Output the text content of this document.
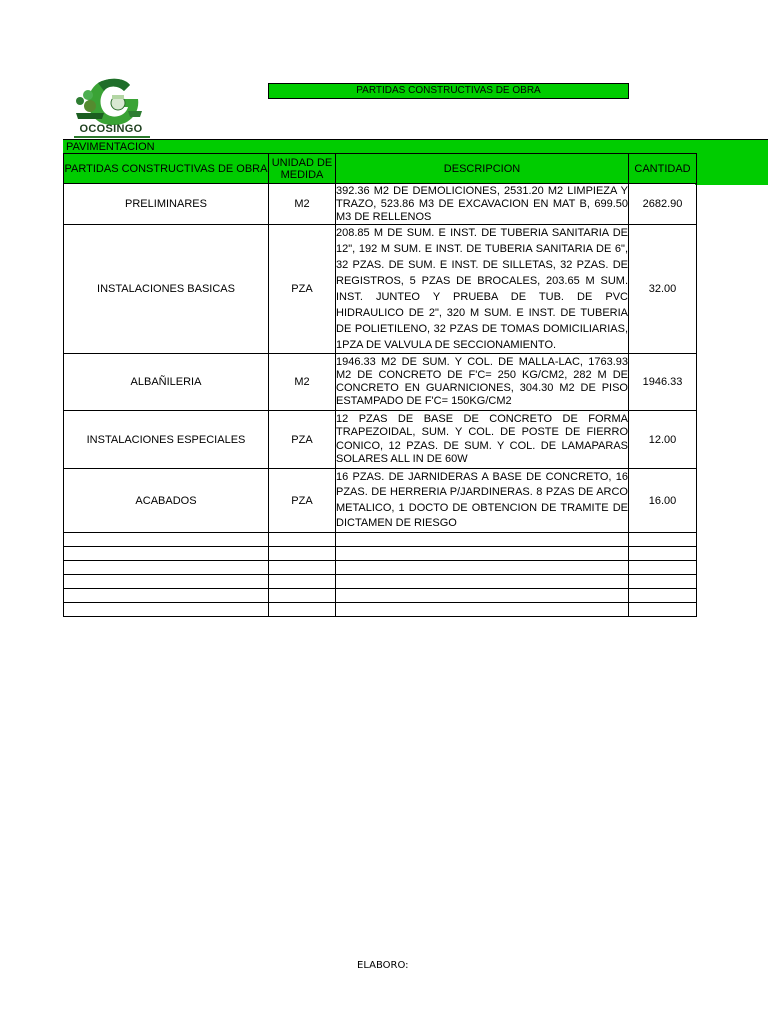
OCOSINGO
PARTIDAS CONSTRUCTIVAS DE OBRA
PAVIMENTACION
PARTIDAS CONSTRUCTIVAS DE OBRA	UNIDAD DE MEDIDA	DESCRIPCION	CANTIDAD
PRELIMINARES	M2	392.36 M2 DE DEMOLICIONES, 2531.20 M2 LIMPIEZA Y TRAZO, 523.86 M3 DE EXCAVACION EN MAT B, 699.50 M3 DE RELLENOS	2682.90
INSTALACIONES BASICAS	PZA	208.85 M DE SUM. E INST. DE TUBERIA SANITARIA DE 12", 192 M SUM. E INST. DE TUBERIA SANITARIA DE 6", 32 PZAS. DE SUM. E INST. DE SILLETAS, 32 PZAS. DE REGISTROS, 5 PZAS DE BROCALES, 203.65 M SUM. INST. JUNTEO Y PRUEBA DE TUB. DE PVC HIDRAULICO DE 2", 320 M SUM. E INST. DE TUBERIA DE POLIETILENO, 32 PZAS DE TOMAS DOMICILIARIAS, 1PZA DE VALVULA DE SECCIONAMIENTO.	32.00
ALBAÑILERIA	M2	1946.33 M2 DE SUM. Y COL. DE MALLA-LAC, 1763.93 M2 DE CONCRETO DE F'C= 250 KG/CM2, 282 M DE CONCRETO EN GUARNICIONES, 304.30 M2 DE PISO ESTAMPADO DE F'C= 150KG/CM2	1946.33
INSTALACIONES ESPECIALES	PZA	12 PZAS DE BASE DE CONCRETO DE FORMA TRAPEZOIDAL, SUM. Y COL. DE POSTE DE FIERRO CONICO, 12 PZAS. DE SUM. Y COL. DE LAMAPARAS SOLARES ALL IN DE 60W	12.00
ACABADOS	PZA	16 PZAS. DE JARNIDERAS A BASE DE CONCRETO, 16 PZAS. DE HERRERIA P/JARDINERAS. 8 PZAS DE ARCO METALICO, 1 DOCTO DE OBTENCION DE TRAMITE DE DICTAMEN DE RIESGO	16.00

ELABORO:
